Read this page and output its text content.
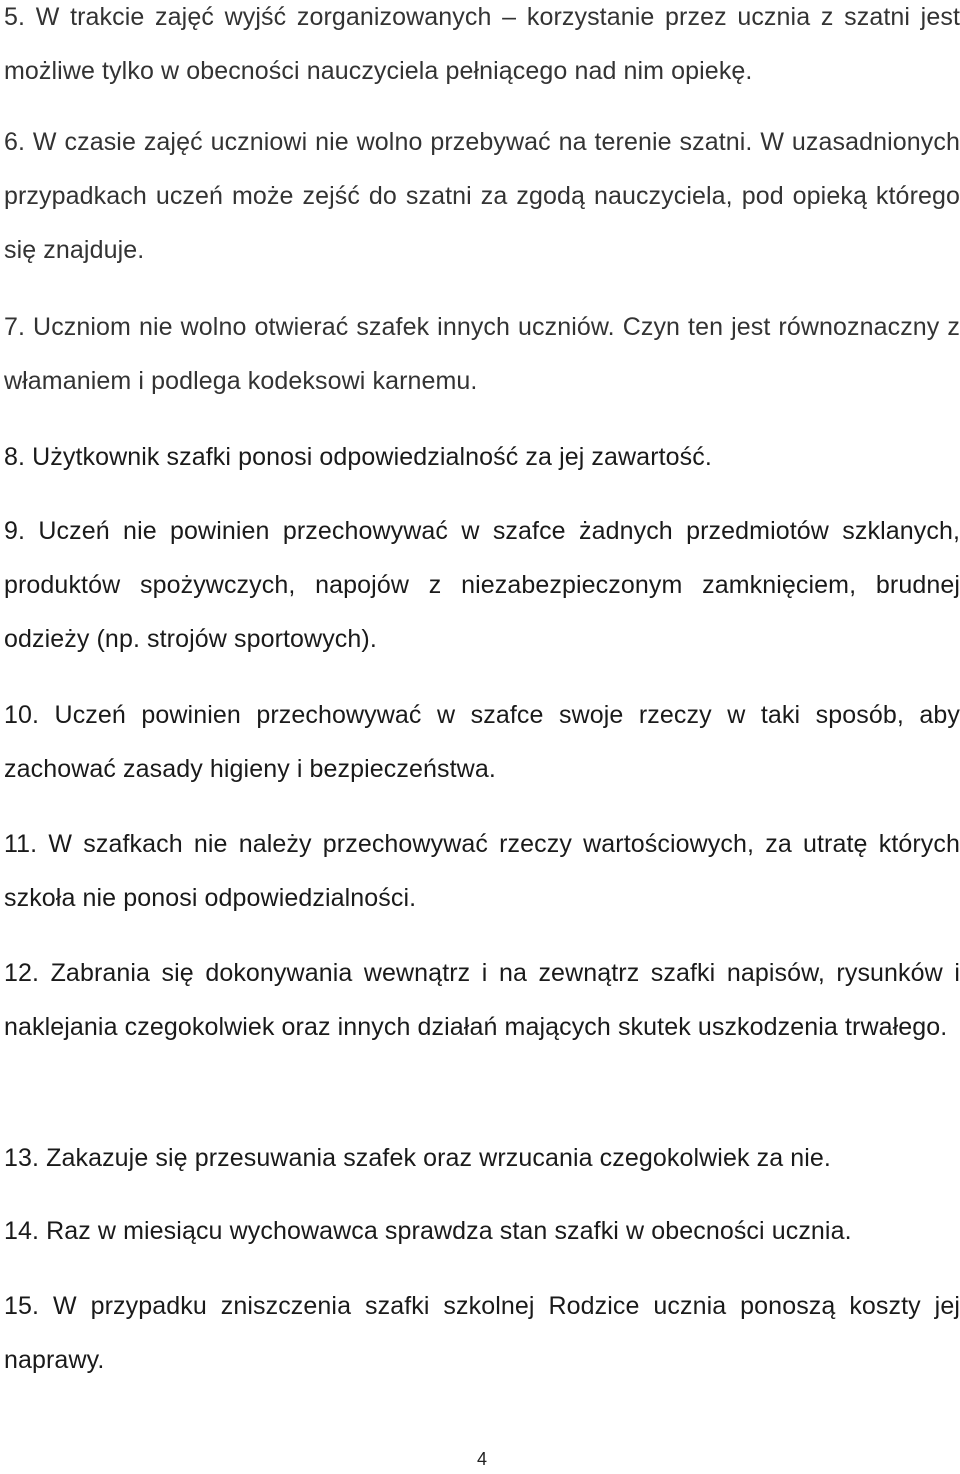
5. W trakcie zajęć wyjść zorganizowanych – korzystanie przez ucznia z szatni jest możliwe tylko w obecności nauczyciela pełniącego nad nim opiekę.

6. W czasie zajęć uczniowi nie wolno przebywać na terenie szatni. W uzasadnionych przypadkach uczeń może zejść do szatni za zgodą nauczyciela, pod opieką którego się znajduje.

7. Uczniom nie wolno otwierać szafek innych uczniów. Czyn ten jest równoznaczny z włamaniem i podlega kodeksowi karnemu.

8. Użytkownik szafki ponosi odpowiedzialność za jej zawartość.

9. Uczeń nie powinien przechowywać w szafce żadnych przedmiotów szklanych, produktów spożywczych, napojów z niezabezpieczonym zamknięciem, brudnej odzieży (np. strojów sportowych).

10. Uczeń powinien przechowywać w szafce swoje rzeczy w taki sposób, aby zachować zasady higieny i bezpieczeństwa.

11. W szafkach nie należy przechowywać rzeczy wartościowych, za utratę których szkoła nie ponosi odpowiedzialności.

12. Zabrania się dokonywania wewnątrz i na zewnątrz szafki napisów, rysunków i naklejania czegokolwiek oraz innych działań mających skutek uszkodzenia trwałego.

13. Zakazuje się przesuwania szafek oraz wrzucania czegokolwiek za nie.

14. Raz w miesiącu wychowawca sprawdza stan szafki w obecności ucznia.

15. W przypadku zniszczenia szafki szkolnej Rodzice ucznia ponoszą koszty jej naprawy.

4
